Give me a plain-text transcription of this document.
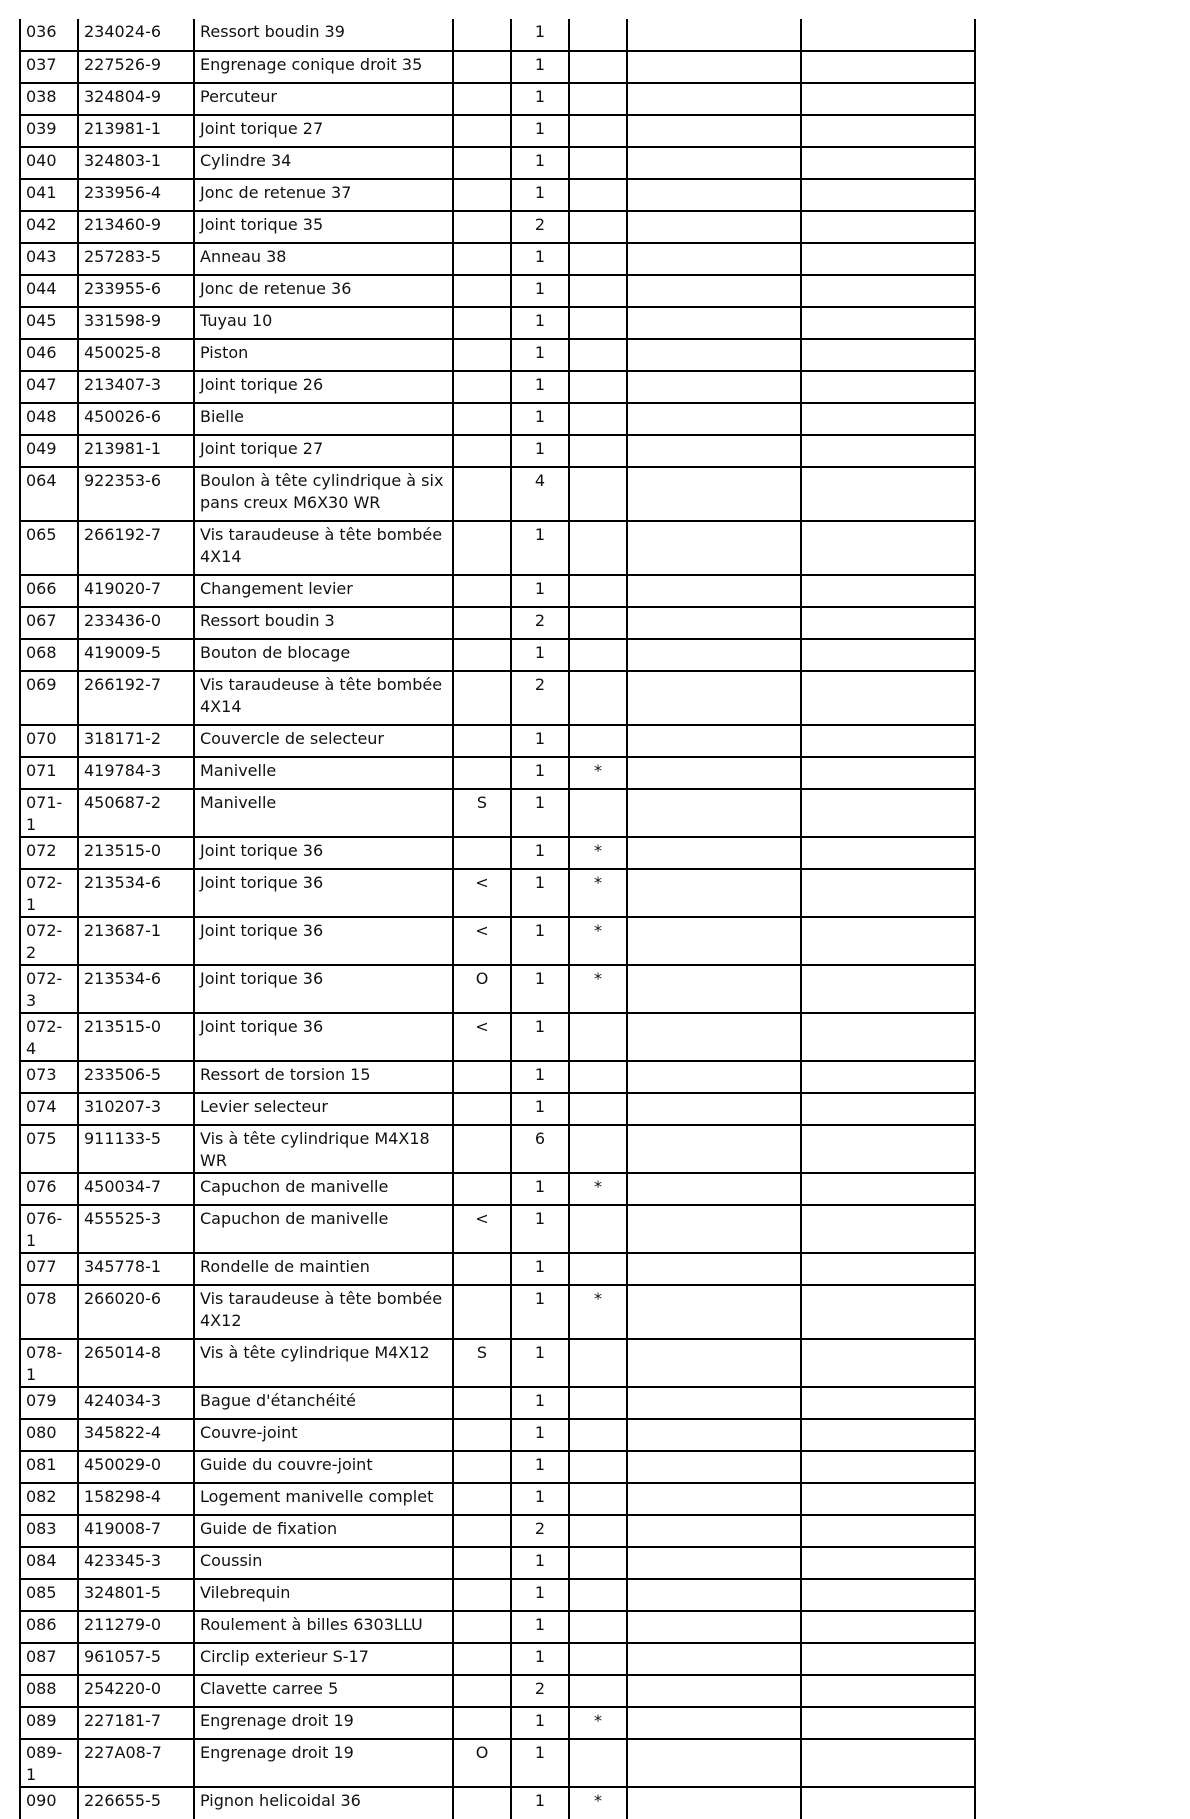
036	234024-6	Ressort boudin 39		1			
037	227526-9	Engrenage conique droit 35		1			
038	324804-9	Percuteur		1			
039	213981-1	Joint torique 27		1			
040	324803-1	Cylindre 34		1			
041	233956-4	Jonc de retenue 37		1			
042	213460-9	Joint torique 35		2			
043	257283-5	Anneau 38		1			
044	233955-6	Jonc de retenue 36		1			
045	331598-9	Tuyau 10		1			
046	450025-8	Piston		1			
047	213407-3	Joint torique 26		1			
048	450026-6	Bielle		1			
049	213981-1	Joint torique 27		1			
064	922353-6	Boulon à tête cylindrique à six pans creux M6X30 WR		4			
065	266192-7	Vis taraudeuse à tête bombée 4X14		1			
066	419020-7	Changement levier		1			
067	233436-0	Ressort boudin 3		2			
068	419009-5	Bouton de blocage		1			
069	266192-7	Vis taraudeuse à tête bombée 4X14		2			
070	318171-2	Couvercle de selecteur		1			
071	419784-3	Manivelle		1	*		
071-1	450687-2	Manivelle	S	1			
072	213515-0	Joint torique 36		1	*		
072-1	213534-6	Joint torique 36	<	1	*		
072-2	213687-1	Joint torique 36	<	1	*		
072-3	213534-6	Joint torique 36	O	1	*		
072-4	213515-0	Joint torique 36	<	1			
073	233506-5	Ressort de torsion 15		1			
074	310207-3	Levier selecteur		1			
075	911133-5	Vis à tête cylindrique M4X18 WR		6			
076	450034-7	Capuchon de manivelle		1	*		
076-1	455525-3	Capuchon de manivelle	<	1			
077	345778-1	Rondelle de maintien		1			
078	266020-6	Vis taraudeuse à tête bombée 4X12		1	*		
078-1	265014-8	Vis à tête cylindrique M4X12	S	1			
079	424034-3	Bague d'étanchéité		1			
080	345822-4	Couvre-joint		1			
081	450029-0	Guide du couvre-joint		1			
082	158298-4	Logement manivelle complet		1			
083	419008-7	Guide de fixation		2			
084	423345-3	Coussin		1			
085	324801-5	Vilebrequin		1			
086	211279-0	Roulement à billes 6303LLU		1			
087	961057-5	Circlip exterieur S-17		1			
088	254220-0	Clavette carree 5		2			
089	227181-7	Engrenage droit 19		1	*		
089-1	227A08-7	Engrenage droit 19	O	1			
090	226655-5	Pignon helicoidal 36		1	*		
